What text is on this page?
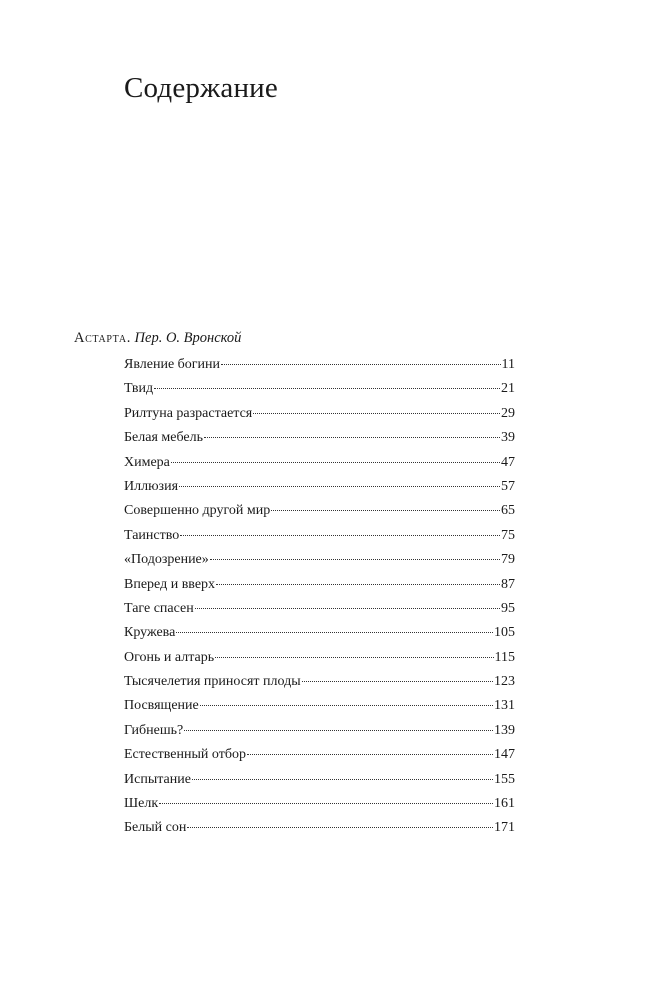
Содержание
Астарта. Пер. О. Вронской
Явление богини	11
Твид	21
Рилтуна разрастается	29
Белая мебель	39
Химера	47
Иллюзия	57
Совершенно другой мир	65
Таинство	75
«Подозрение»	79
Вперед и вверх	87
Таге спасен	95
Кружева	105
Огонь и алтарь	115
Тысячелетия приносят плоды	123
Посвящение	131
Гибнешь?	139
Естественный отбор	147
Испытание	155
Шелк	161
Белый сон	171
